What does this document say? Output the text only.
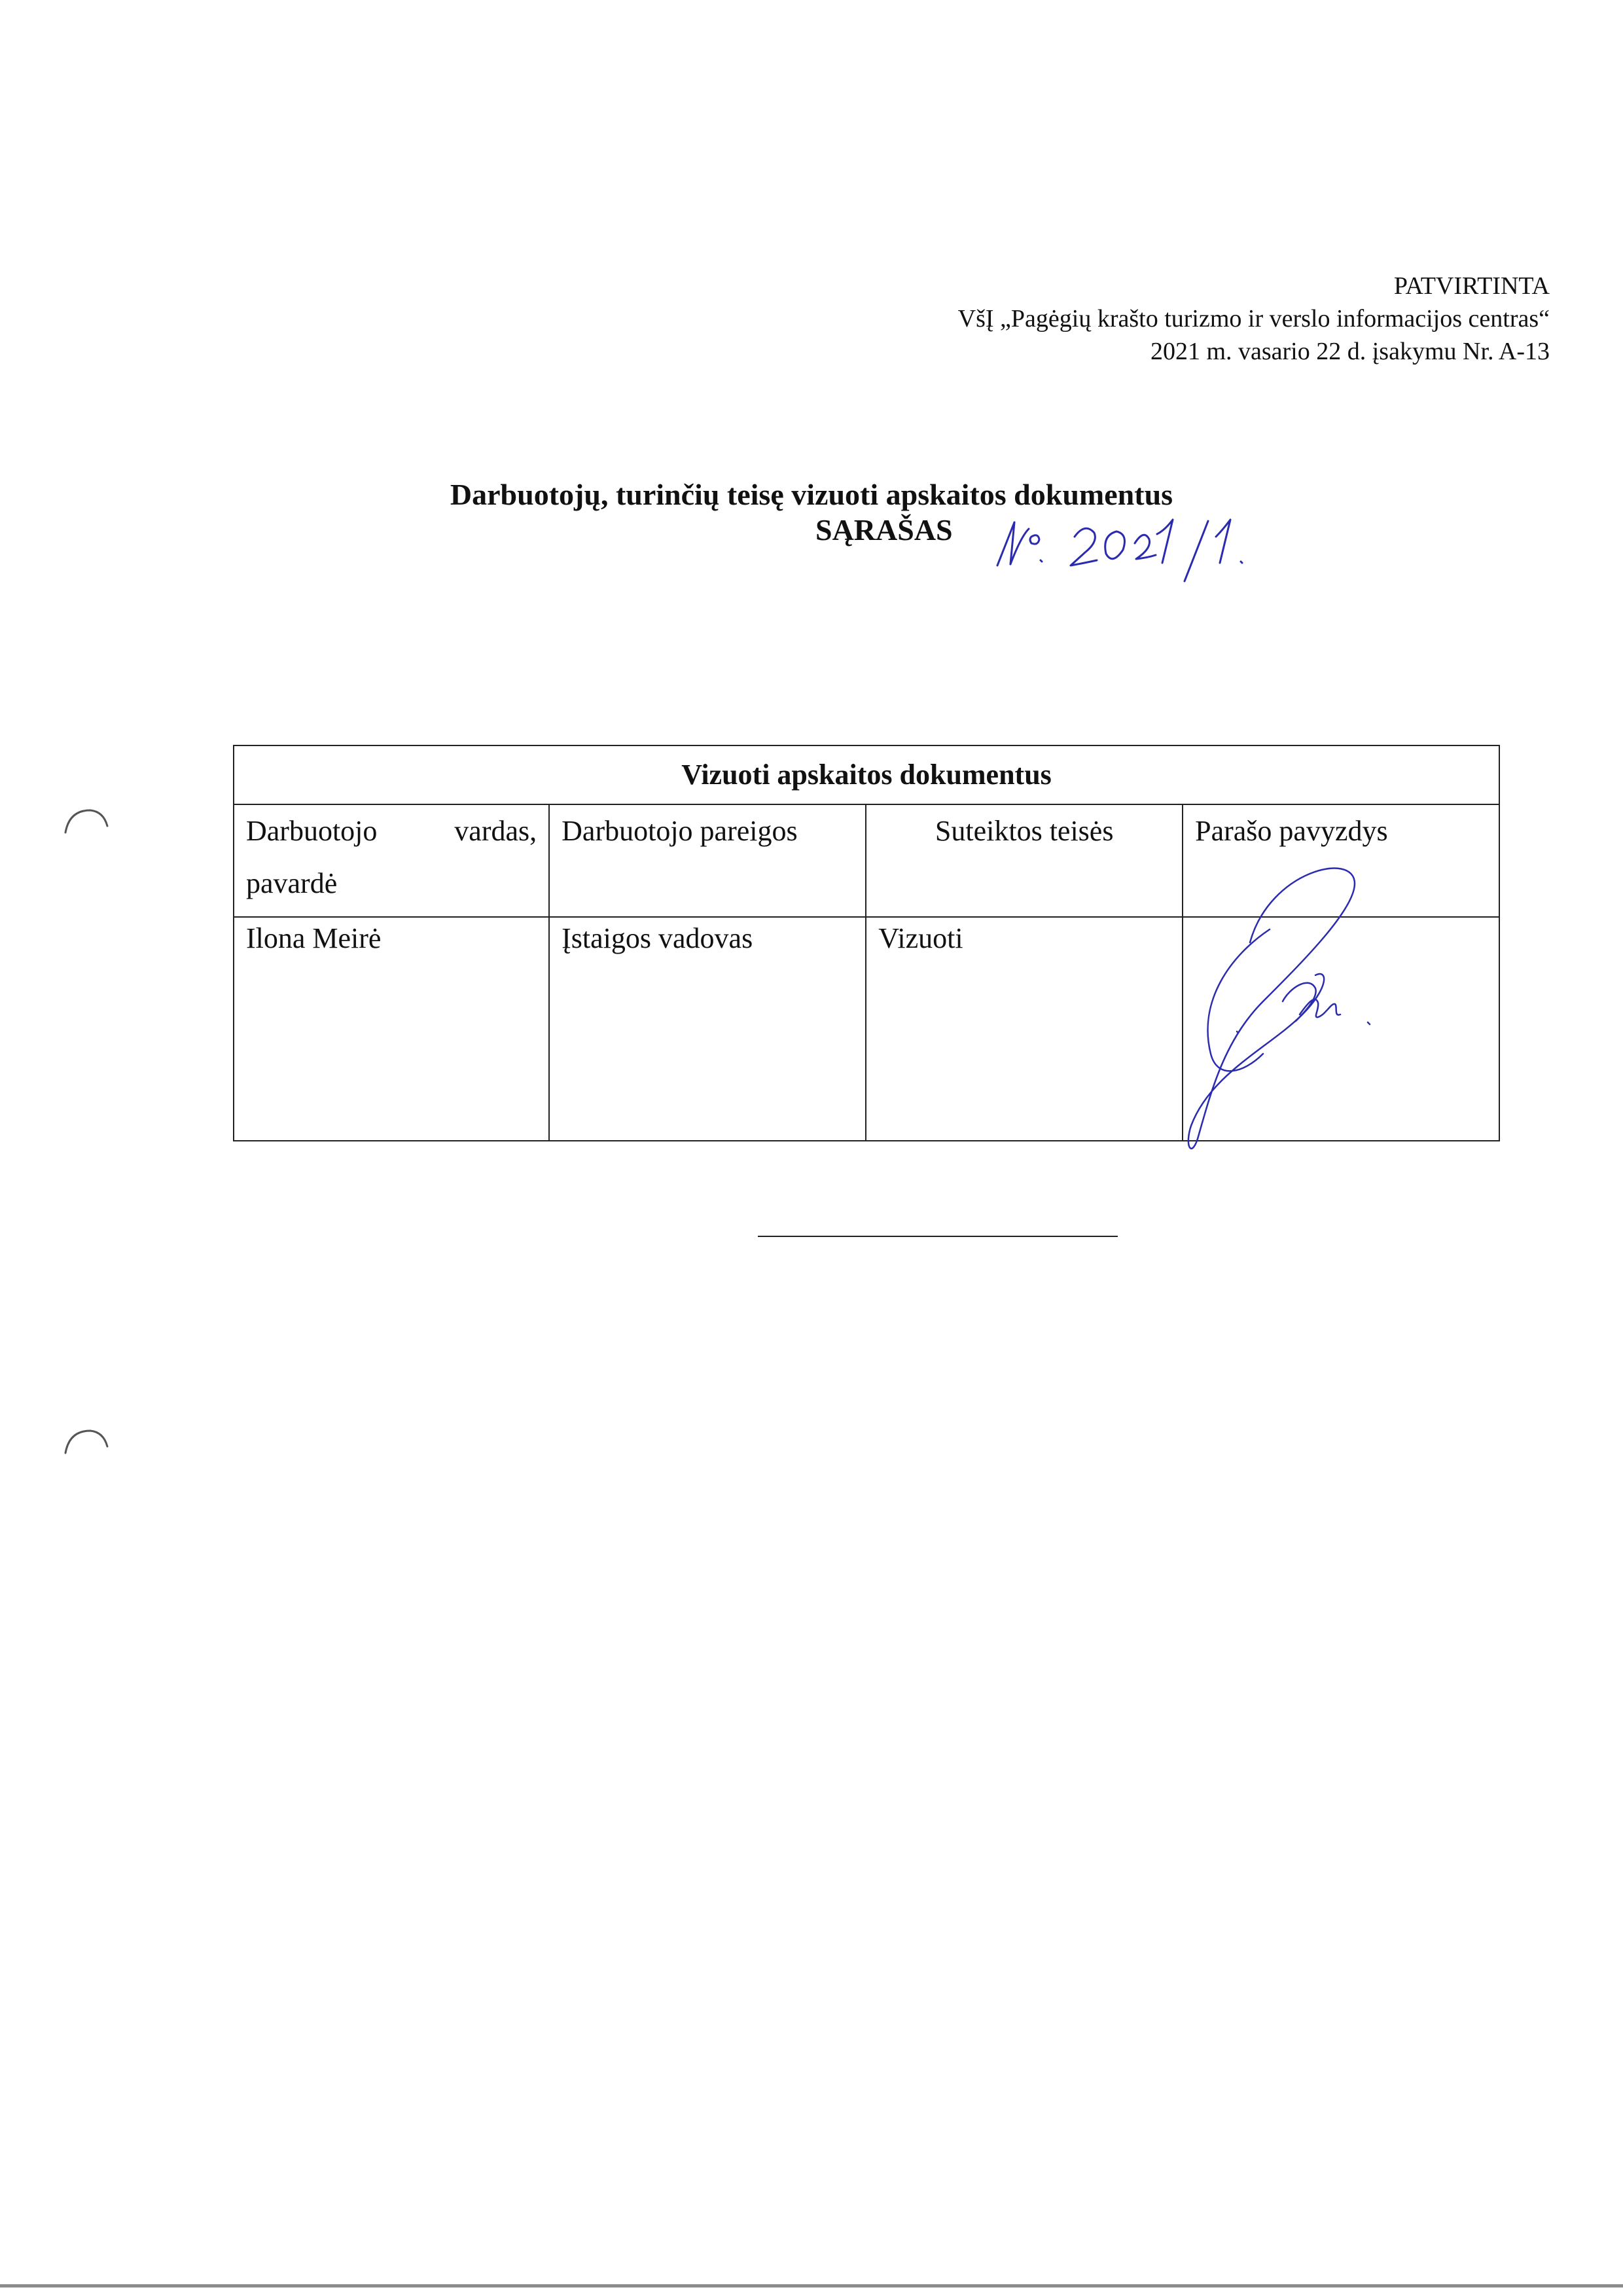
PATVIRTINTA
VšĮ „Pagėgių krašto turizmo ir verslo informacijos centras“
2021 m. vasario 22 d. įsakymu Nr. A-13
Darbuotojų, turinčių teisę vizuoti apskaitos dokumentus
SĄRAŠAS
Vizuoti apskaitos dokumentus			
Darbuotojo vardas, pavardė	Darbuotojo pareigos	Suteiktos teisės	Parašo pavyzdys
Ilona Meirė	Įstaigos vadovas	Vizuoti	
